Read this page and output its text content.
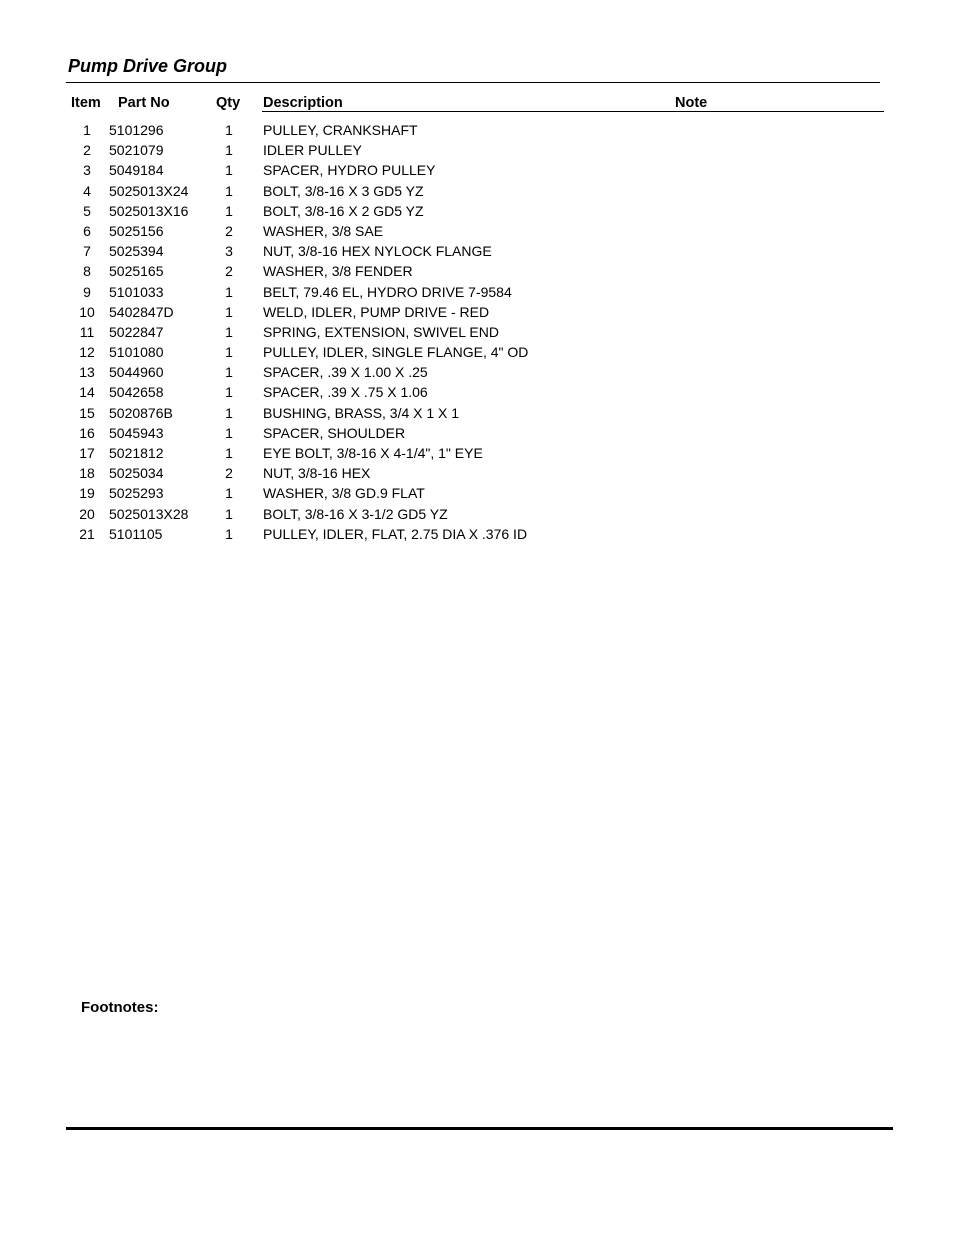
Pump Drive Group
Item Part No	Qty Description	Note
1	5101296	1 PULLEY, CRANKSHAFT
2	5021079	1 IDLER PULLEY
3	5049184	1 SPACER, HYDRO PULLEY
4	5025013X24	1 BOLT, 3/8-16 X 3 GD5 YZ
5	5025013X16	1 BOLT, 3/8-16 X 2 GD5 YZ
6	5025156	2 WASHER, 3/8 SAE
7	5025394	3 NUT, 3/8-16 HEX NYLOCK FLANGE
8	5025165	2 WASHER, 3/8 FENDER
9	5101033	1 BELT, 79.46 EL, HYDRO DRIVE 7-9584
10 5402847D	1 WELD, IDLER, PUMP DRIVE - RED
11 5022847	1 SPRING, EXTENSION, SWIVEL END
12 5101080	1 PULLEY, IDLER, SINGLE FLANGE, 4" OD
13 5044960	1 SPACER, .39 X 1.00 X .25
14 5042658	1 SPACER, .39 X .75 X 1.06
15 5020876B	1 BUSHING, BRASS, 3/4 X 1 X 1
16 5045943	1 SPACER, SHOULDER
17 5021812	1 EYE BOLT, 3/8-16 X 4-1/4", 1" EYE
18 5025034	2 NUT, 3/8-16 HEX
19 5025293	1 WASHER, 3/8 GD.9 FLAT
20 5025013X28	1 BOLT, 3/8-16 X 3-1/2 GD5 YZ
21 5101105	1 PULLEY, IDLER, FLAT, 2.75 DIA X .376 ID
Footnotes:
